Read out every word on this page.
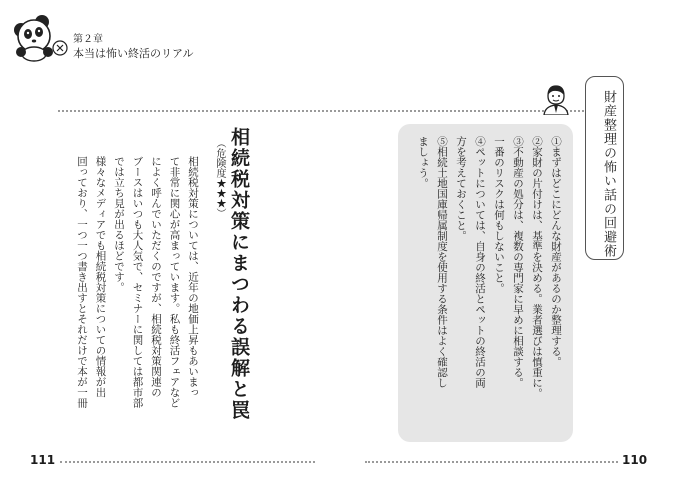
第２章
本当は怖い終活のリアル
財産整理の怖い話の回避術
①まずはどこにどんな財産があるのか整理する。
②家財の片付けは、基準を決める。業者選びは慎重に。
③不動産の処分は、複数の専門家に早めに相談する。
一番のリスクは何もしないこと。
④ペットについては、自身の終活とペットの終活の両
方を考えておくこと。
⑤相続土地国庫帰属制度を使用する条件はよく確認し
ましょう。
相続税対策にまつわる誤解と罠
（危険度★★★）
相続税対策については、近年の地価上昇もあいまっ
て非常に関心が高まっています。私も終活フェアなど
によく呼んでいただくのですが、相続税対策関連の
ブースはいつも大人気で、セミナーに関しては都市部
では立ち見が出るほどです。
様々なメディアでも相続税対策についての情報が出
回っており、一つ一つ書き出すとそれだけで本が一冊
111	110
